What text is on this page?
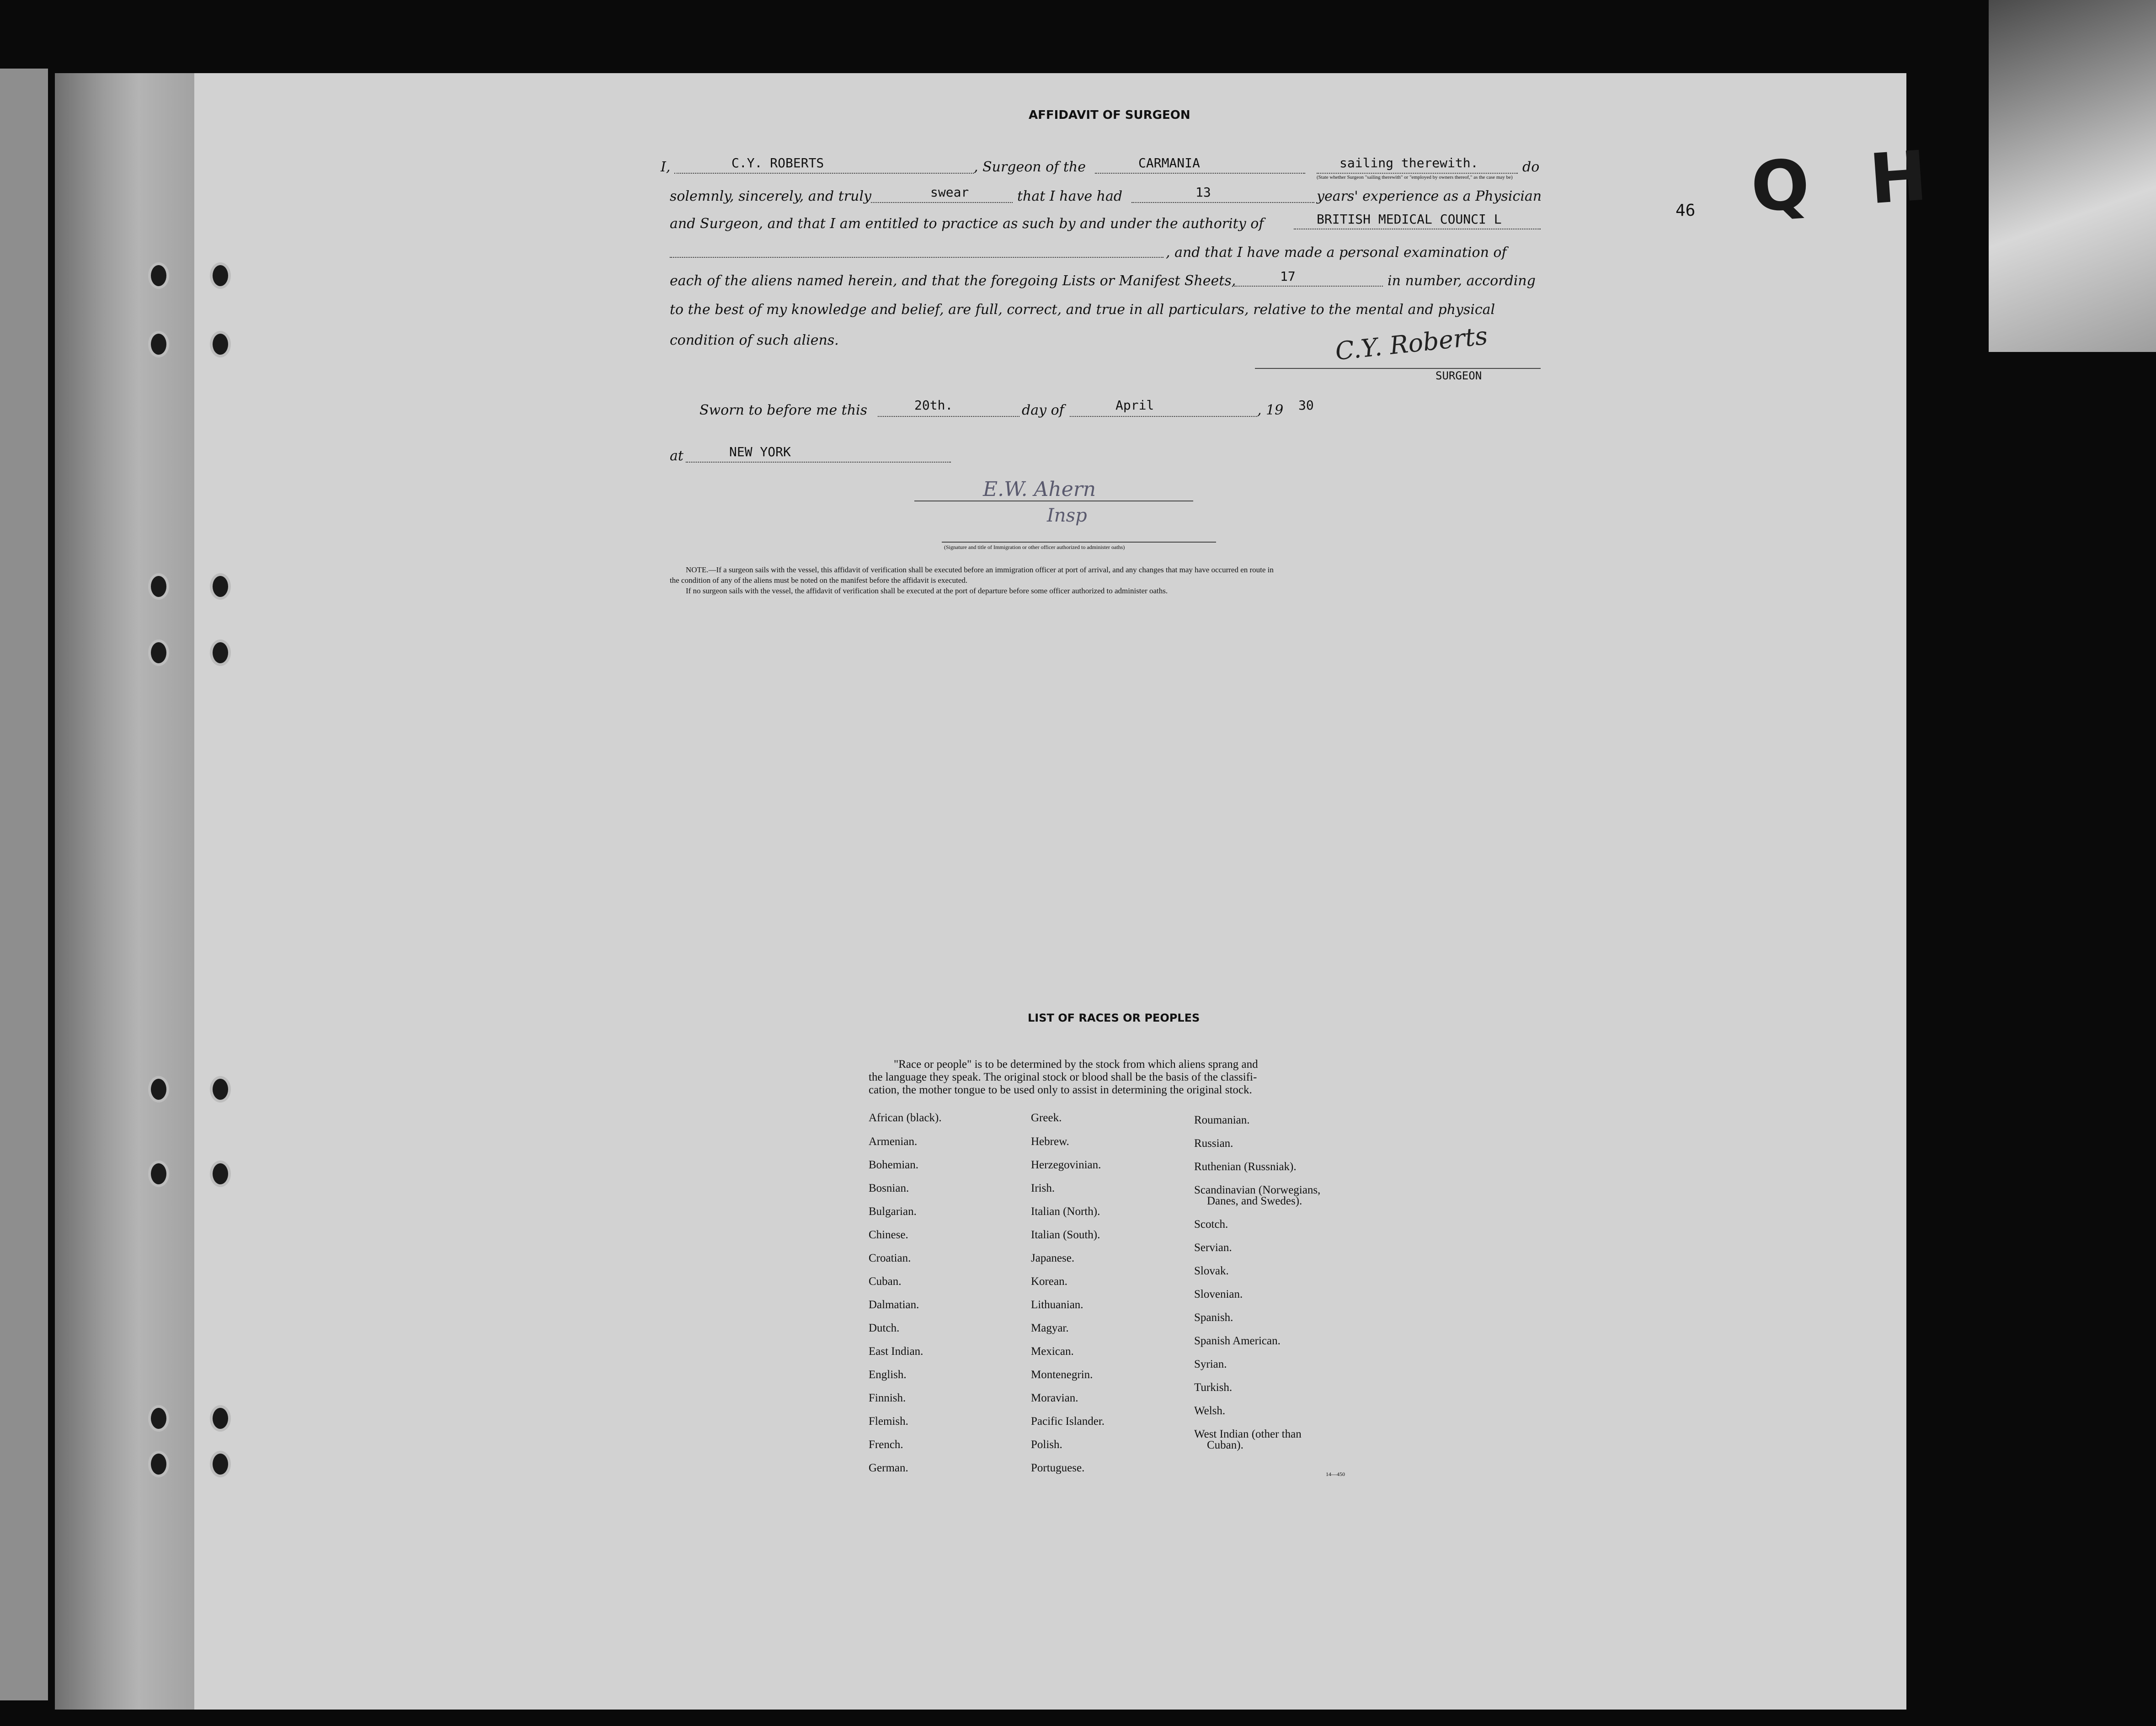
AFFIDAVIT OF SURGEON
I,	C.Y. ROBERTS	, Surgeon of the	CARMANIA	sailing therewith.	do
(State whether Surgeon "sailing therewith" or "employed by owners thereof," as the case may be)
solemnly, sincerely, and truly	swear	that I have had	13	years' experience as a Physician
and Surgeon, and that I am entitled to practice as such by and under the authority of	BRITISH MEDICAL COUNCI L
, and that I have made a personal examination of
each of the aliens named herein, and that the foregoing Lists or Manifest Sheets,	17	in number, according
to the best of my knowledge and belief, are full, correct, and true in all particulars, relative to the mental and physical
condition of such aliens.	C.Y. Roberts
SURGEON
Sworn to before me this	20th.	day of	April	, 19 30
at	NEW YORK
E.W. Ahern
Insp
(Signature and title of Immigration or other officer authorized to administer oaths)
NOTE.—If a surgeon sails with the vessel, this affidavit of verification shall be executed before an immigration officer at port of arrival, and any changes that may have occurred en route in
the condition of any of the aliens must be noted on the manifest before the affidavit is executed.
If no surgeon sails with the vessel, the affidavit of verification shall be executed at the port of departure before some officer authorized to administer oaths.
46 Q H
LIST OF RACES OR PEOPLES
"Race or people" is to be determined by the stock from which aliens sprang and
the language they speak. The original stock or blood shall be the basis of the classifi-
cation, the mother tongue to be used only to assist in determining the original stock.
African (black).
Armenian.
Bohemian.
Bosnian.
Bulgarian.
Chinese.
Croatian.
Cuban.
Dalmatian.
Dutch.
East Indian.
English.
Finnish.
Flemish.
French.
German.
Greek.
Hebrew.
Herzegovinian.
Irish.
Italian (North).
Italian (South).
Japanese.
Korean.
Lithuanian.
Magyar.
Mexican.
Montenegrin.
Moravian.
Pacific Islander.
Polish.
Portuguese.
Roumanian.
Russian.
Ruthenian (Russniak).
Scandinavian (Norwegians,
Danes, and Swedes).
Scotch.
Servian.
Slovak.
Slovenian.
Spanish.
Spanish American.
Syrian.
Turkish.
Welsh.
West Indian (other than
Cuban).
14—450
